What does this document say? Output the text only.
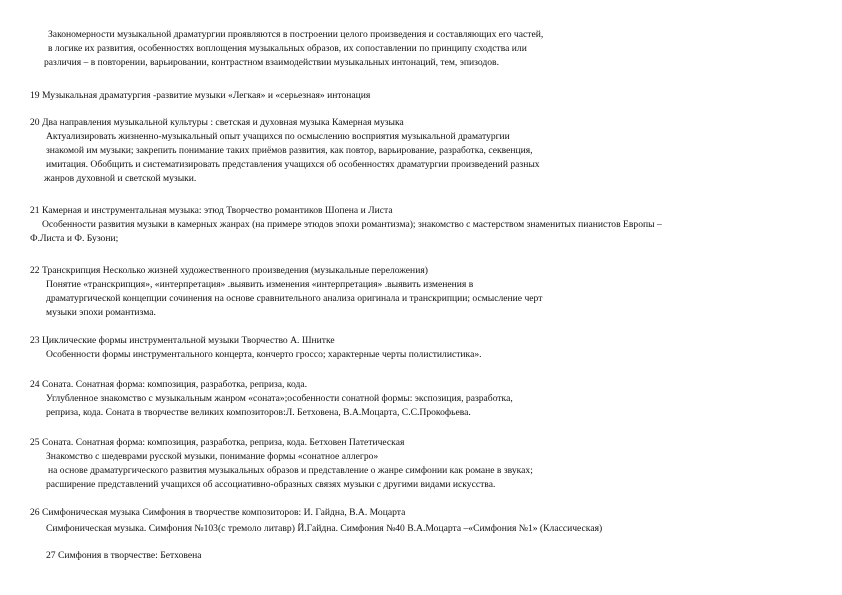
Закономерности музыкальной драматургии проявляются в построении целого произведения и составляющих его частей,
в логике их развития, особенностях воплощения музыкальных образов, их сопоставлении по принципу сходства или
различия – в повторении, варьировании, контрастном взаимодействии музыкальных интонаций, тем, эпизодов.
19 Музыкальная драматургия -развитие музыки «Легкая» и «серьезная» интонация
20 Два направления музыкальной культуры : светская и духовная музыка Камерная музыка
Актуализировать жизненно-музыкальный опыт учащихся по осмыслению восприятия музыкальной драматургии
знакомой им музыки; закрепить понимание таких приёмов развития, как повтор, варьирование, разработка, секвенция,
имитация. Обобщить и систематизировать представления учащихся об особенностях драматургии произведений разных
жанров духовной и светской музыки.
21 Камерная и инструментальная музыка: этюд Творчество романтиков Шопена и Листа
Особенности развития музыки в камерных жанрах (на примере этюдов эпохи романтизма); знакомство с мастерством знаменитых пианистов Европы –
Ф.Листа и Ф. Бузони;
22 Транскрипция Несколько жизней художественного произведения (музыкальные переложения)
Понятие «транскрипция», «интерпретация» .выявить изменения «интерпретация» .выявить изменения в
драматургической концепции сочинения на основе сравнительного анализа оригинала и транскрипции; осмысление черт
музыки эпохи романтизма.
23 Циклические формы инструментальной музыки Творчество А. Шнитке
Особенности формы инструментального концерта, кончерто гроссо; характерные черты полистилистика».
24 Соната. Сонатная форма: композиция, разработка, реприза, кода.
Углубленное знакомство с музыкальным жанром «соната»;особенности сонатной формы: экспозиция, разработка,
реприза, кода. Соната в творчестве великих композиторов:Л. Бетховена, В.А.Моцарта, С.С.Прокофьева.
25 Соната. Сонатная форма: композиция, разработка, реприза, кода. Бетховен Патетическая
Знакомство с шедеврами русской музыки, понимание формы «сонатное аллегро»
на основе драматургического развития музыкальных образов и представление о жанре симфонии как романе в звуках;
расширение представлений учащихся об ассоциативно-образных связях музыки с другими видами искусства.
26 Симфоническая музыка Симфония в творчестве композиторов: И. Гайдна, В.А. Моцарта
Симфоническая музыка. Симфония №103(с тремоло литавр) Й.Гайдна. Симфония №40 В.А.Моцарта –«Симфония №1» (Классическая)
27 Симфония в творчестве: Бетховена
